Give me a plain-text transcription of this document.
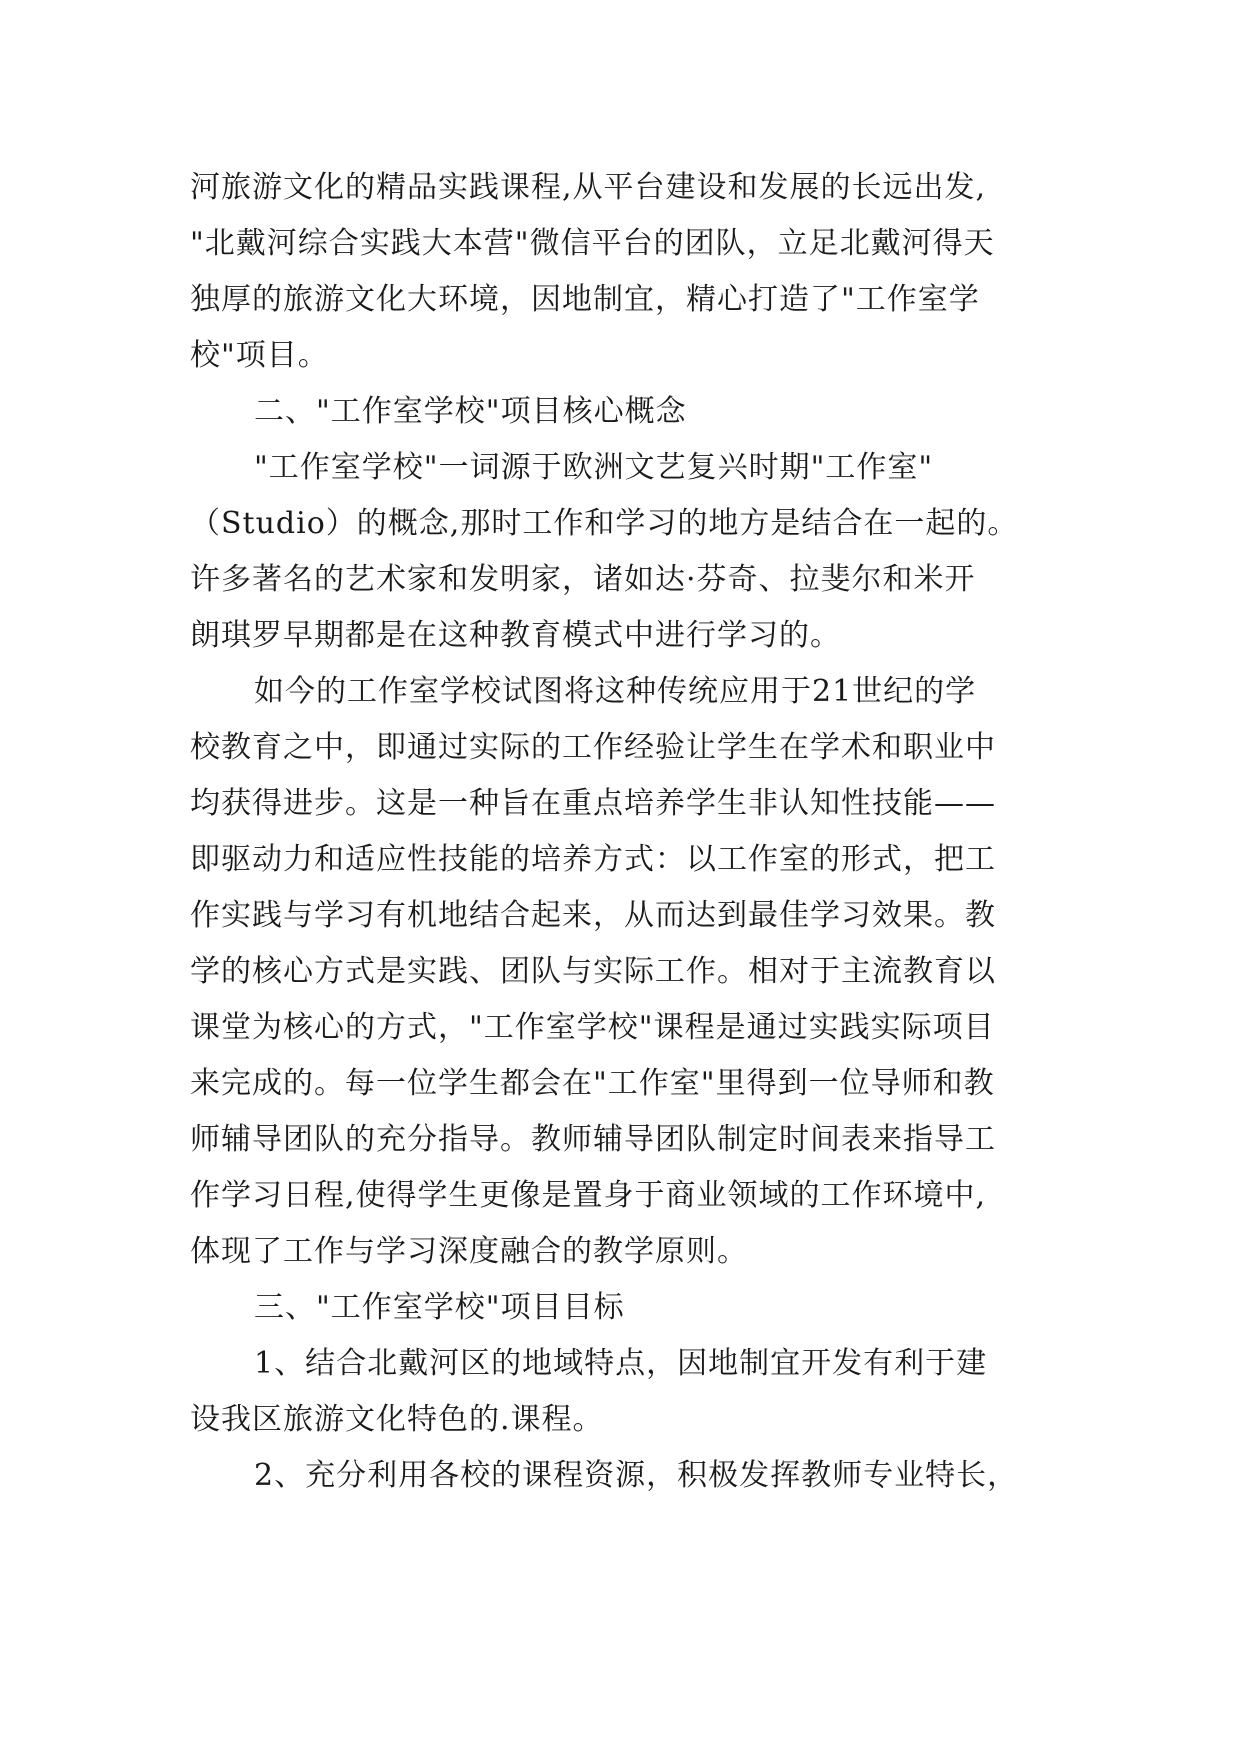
河旅游文化的精品实践课程,从平台建设和发展的长远出发,
"北戴河综合实践大本营"微信平台的团队，立足北戴河得天
独厚的旅游文化大环境，因地制宜，精心打造了"工作室学
校"项目。
二、"工作室学校"项目核心概念
"工作室学校"一词源于欧洲文艺复兴时期"工作室"
（Studio）的概念,那时工作和学习的地方是结合在一起的。
许多著名的艺术家和发明家，诸如达·芬奇、拉斐尔和米开
朗琪罗早期都是在这种教育模式中进行学习的。
如今的工作室学校试图将这种传统应用于21世纪的学
校教育之中，即通过实际的工作经验让学生在学术和职业中
均获得进步。这是一种旨在重点培养学生非认知性技能——
即驱动力和适应性技能的培养方式：以工作室的形式，把工
作实践与学习有机地结合起来，从而达到最佳学习效果。教
学的核心方式是实践、团队与实际工作。相对于主流教育以
课堂为核心的方式，"工作室学校"课程是通过实践实际项目
来完成的。每一位学生都会在"工作室"里得到一位导师和教
师辅导团队的充分指导。教师辅导团队制定时间表来指导工
作学习日程,使得学生更像是置身于商业领域的工作环境中,
体现了工作与学习深度融合的教学原则。
三、"工作室学校"项目目标
1、结合北戴河区的地域特点，因地制宜开发有利于建
设我区旅游文化特色的.课程。
2、充分利用各校的课程资源，积极发挥教师专业特长，
